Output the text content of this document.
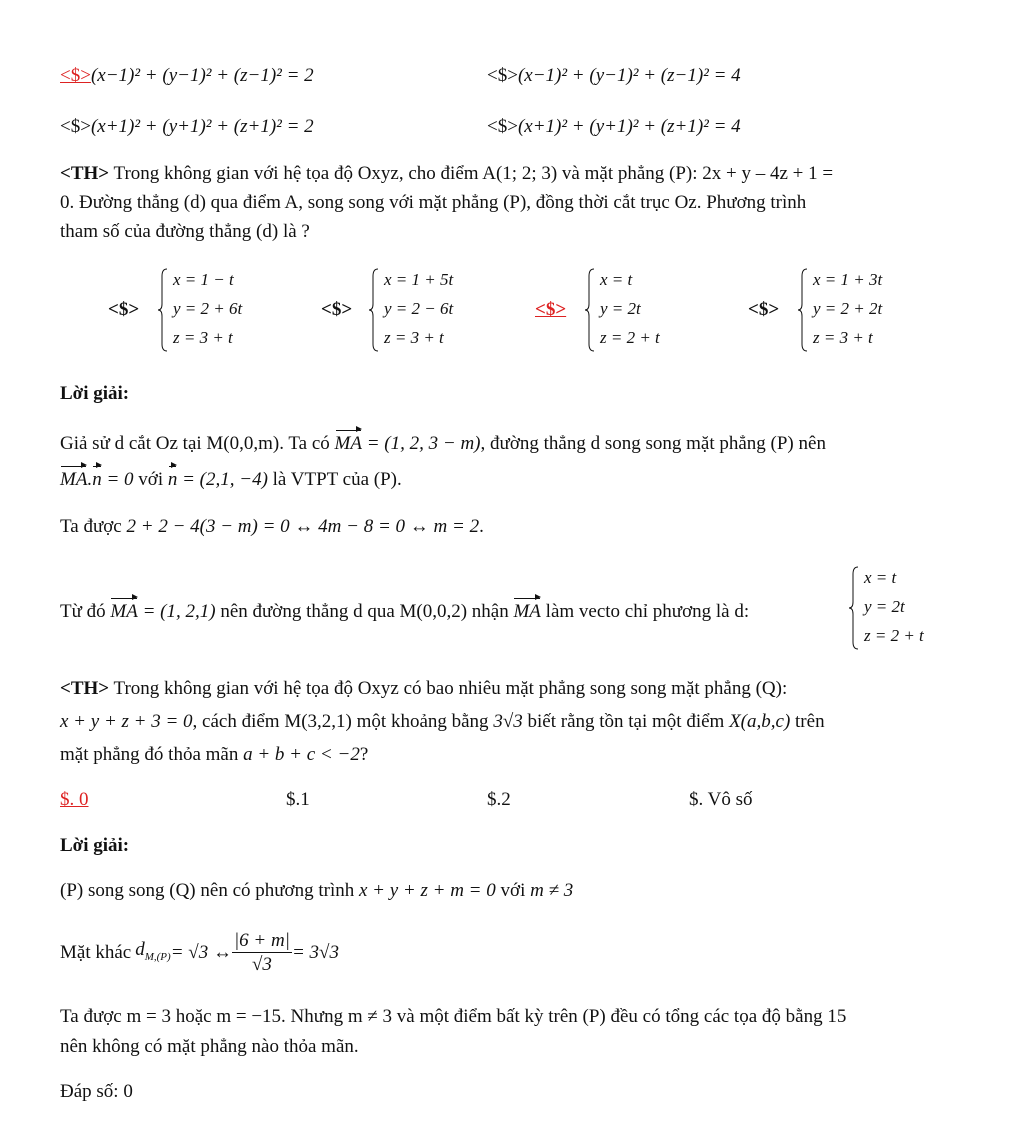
<$>(x−1)² + (y−1)² + (z−1)² = 2	<$>(x−1)² + (y−1)² + (z−1)² = 4
<$>(x+1)² + (y+1)² + (z+1)² = 2	<$>(x+1)² + (y+1)² + (z+1)² = 4
<TH> Trong không gian với hệ tọa độ Oxyz, cho điểm A(1; 2; 3) và mặt phẳng (P): 2x + y – 4z + 1 =
0. Đường thẳng (d) qua điểm A, song song với mặt phẳng (P), đồng thời cắt trục Oz. Phương trình
tham số của đường thẳng (d) là ?
<$>
x = 1 − t
y = 2 + 6t
z = 3 + t
<$>
x = 1 + 5t
y = 2 − 6t
z = 3 + t
<$>
x = t
y = 2t
z = 2 + t
<$>
x = 1 + 3t
y = 2 + 2t
z = 3 + t
Lời giải:
Giả sử d cắt Oz tại M(0,0,m). Ta có MA = (1, 2, 3 − m), đường thẳng d song song mặt phẳng (P) nên
MA.n = 0 với n = (2,1, −4) là VTPT của (P).
Ta được 2 + 2 − 4(3 − m) = 0 ↔ 4m − 8 = 0 ↔ m = 2.
Từ đó MA = (1, 2,1) nên đường thẳng d qua M(0,0,2) nhận MA làm vecto chỉ phương là d:
x = t
y = 2t
z = 2 + t
<TH> Trong không gian với hệ tọa độ Oxyz có bao nhiêu mặt phẳng song song mặt phẳng (Q):
x + y + z + 3 = 0, cách điểm M(3,2,1) một khoảng bằng 3√3 biết rằng tồn tại một điểm X(a,b,c) trên
mặt phẳng đó thỏa mãn a + b + c < −2?
$. 0	$.1	$.2	$. Vô số
Lời giải:
(P) song song (Q) nên có phương trình x + y + z + m = 0 với m ≠ 3
Mặt khác $d_{M,(P)} = √3$ ↔ $\frac{|6 + m|}{√3} = 3√3$
Ta được m = 3 hoặc m = −15. Nhưng m ≠ 3 và một điểm bất kỳ trên (P) đều có tổng các tọa độ bằng 15
nên không có mặt phẳng nào thỏa mãn.
Đáp số: 0
